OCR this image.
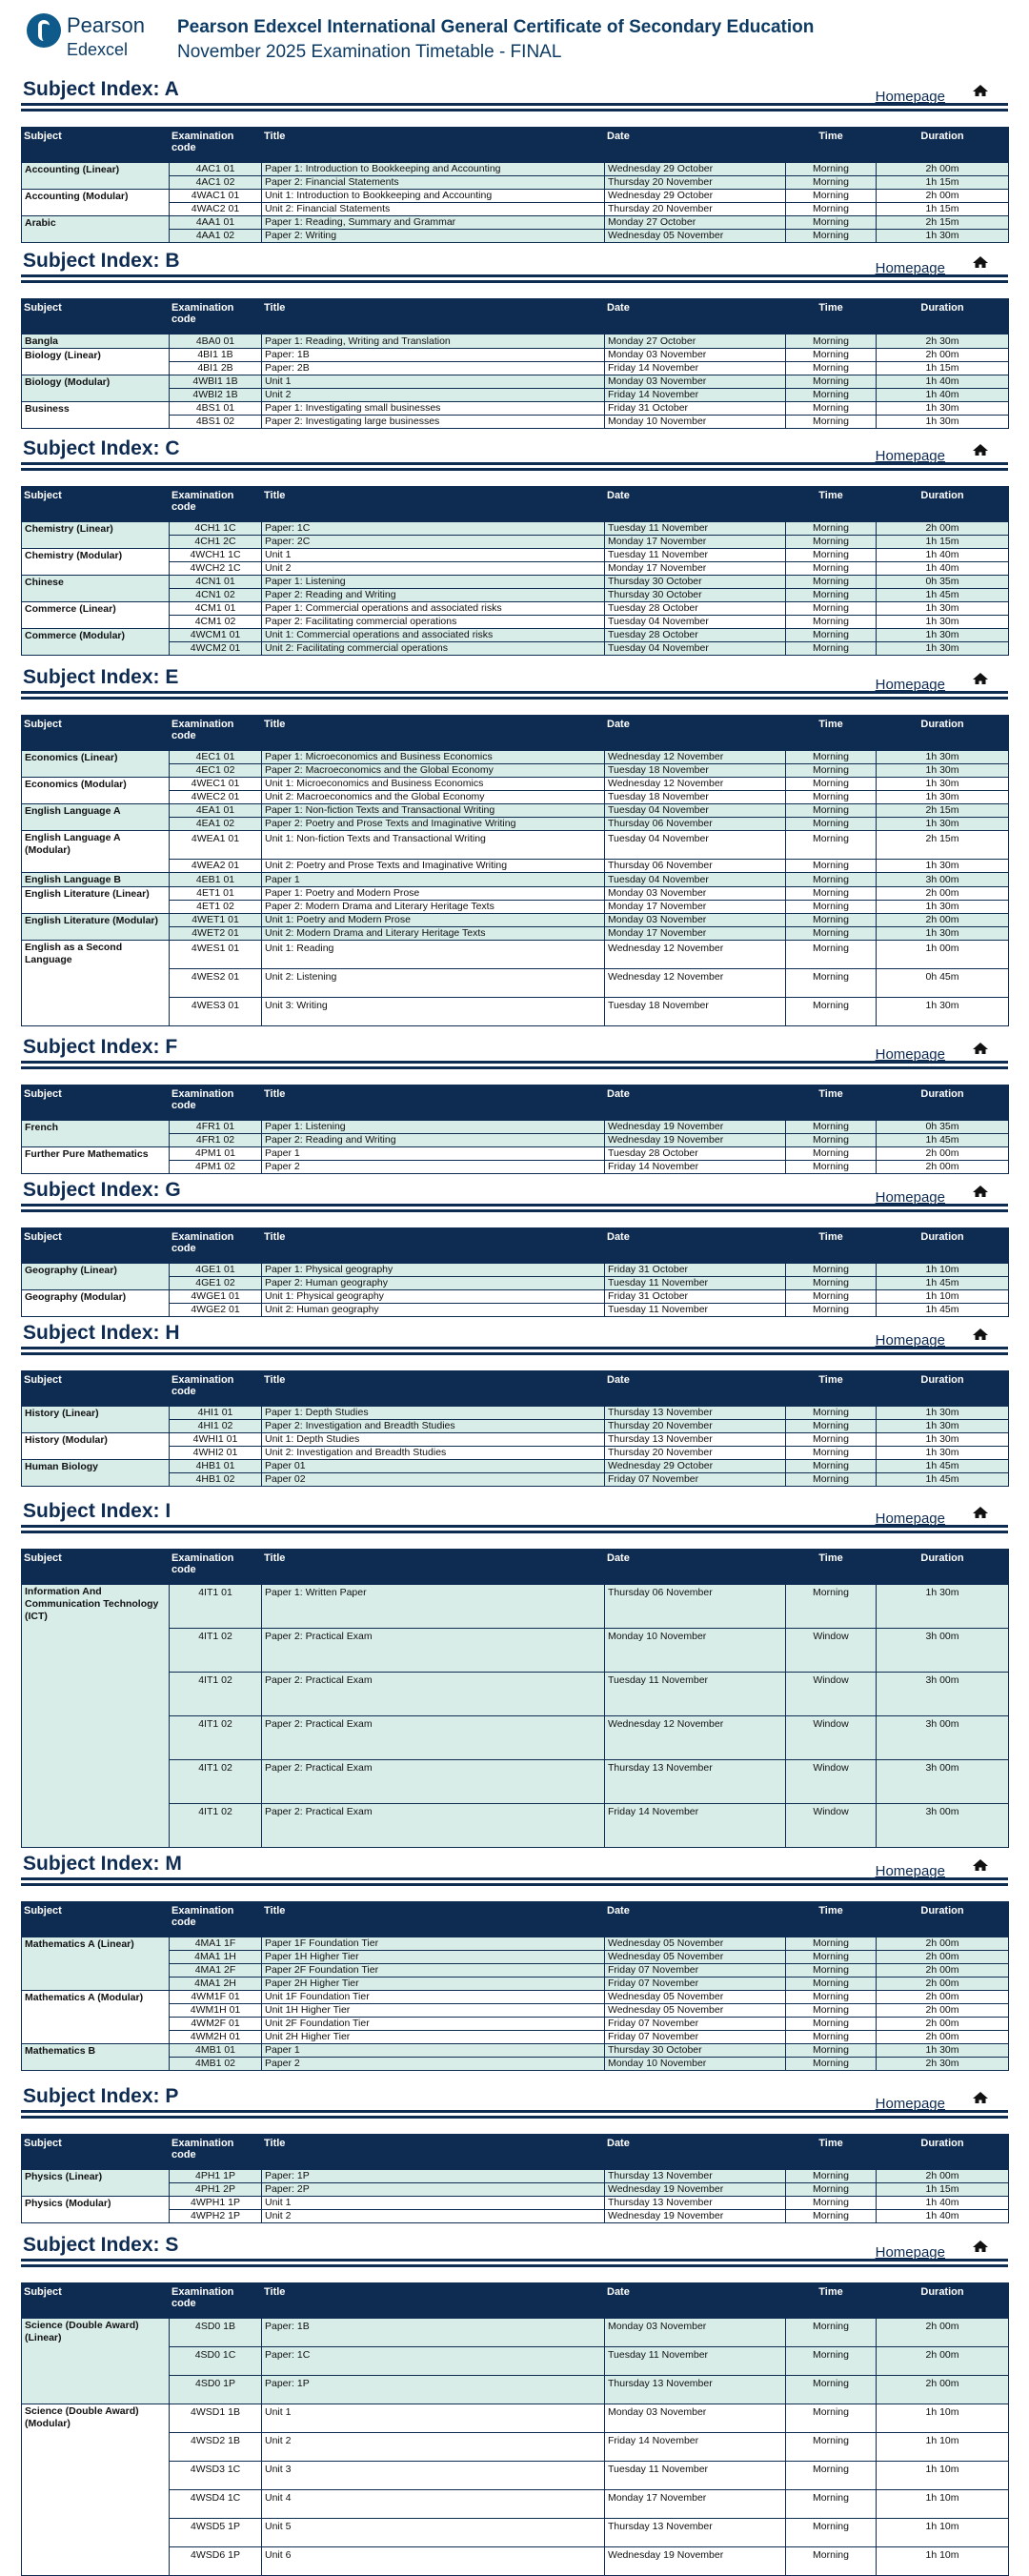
Pearson
Edexcel
Pearson Edexcel International General Certificate of Secondary Education
November 2025 Examination Timetable - FINAL
Subject Index: A	Homepage
Subject	Examination code	Title	Date	Time	Duration
Accounting (Linear)	4AC1 01	Paper 1: Introduction to Bookkeeping and Accounting	Wednesday 29 October	Morning	2h 00m
	4AC1 02	Paper 2: Financial Statements	Thursday 20 November	Morning	1h 15m
Accounting (Modular)	4WAC1 01	Unit 1: Introduction to Bookkeeping and Accounting	Wednesday 29 October	Morning	2h 00m
	4WAC2 01	Unit 2: Financial Statements	Thursday 20 November	Morning	1h 15m
Arabic	4AA1 01	Paper 1: Reading, Summary and Grammar	Monday 27 October	Morning	2h 15m
	4AA1 02	Paper 2: Writing	Wednesday 05 November	Morning	1h 30m
Subject Index: B	Homepage
Subject	Examination code	Title	Date	Time	Duration
Bangla	4BA0 01	Paper 1: Reading, Writing and Translation	Monday 27 October	Morning	2h 30m
Biology (Linear)	4BI1 1B	Paper: 1B	Monday 03 November	Morning	2h 00m
	4BI1 2B	Paper: 2B	Friday 14 November	Morning	1h 15m
Biology (Modular)	4WBI1 1B	Unit 1	Monday 03 November	Morning	1h 40m
	4WBI2 1B	Unit 2	Friday 14 November	Morning	1h 40m
Business	4BS1 01	Paper 1: Investigating small businesses	Friday 31 October	Morning	1h 30m
	4BS1 02	Paper 2: Investigating large businesses	Monday 10 November	Morning	1h 30m
Subject Index: C	Homepage
Subject	Examination code	Title	Date	Time	Duration
Chemistry (Linear)	4CH1 1C	Paper: 1C	Tuesday 11 November	Morning	2h 00m
	4CH1 2C	Paper: 2C	Monday 17 November	Morning	1h 15m
Chemistry (Modular)	4WCH1 1C	Unit 1	Tuesday 11 November	Morning	1h 40m
	4WCH2 1C	Unit 2	Monday 17 November	Morning	1h 40m
Chinese	4CN1 01	Paper 1: Listening	Thursday 30 October	Morning	0h 35m
	4CN1 02	Paper 2: Reading and Writing	Thursday 30 October	Morning	1h 45m
Commerce (Linear)	4CM1 01	Paper 1: Commercial operations and associated risks	Tuesday 28 October	Morning	1h 30m
	4CM1 02	Paper 2: Facilitating commercial operations	Tuesday 04 November	Morning	1h 30m
Commerce (Modular)	4WCM1 01	Unit 1: Commercial operations and associated risks	Tuesday 28 October	Morning	1h 30m
	4WCM2 01	Unit 2: Facilitating commercial operations	Tuesday 04 November	Morning	1h 30m
Subject Index: E	Homepage
Subject	Examination code	Title	Date	Time	Duration
Economics (Linear)	4EC1 01	Paper 1: Microeconomics and Business Economics	Wednesday 12 November	Morning	1h 30m
	4EC1 02	Paper 2: Macroeconomics and the Global Economy	Tuesday 18 November	Morning	1h 30m
Economics (Modular)	4WEC1 01	Unit 1: Microeconomics and Business Economics	Wednesday 12 November	Morning	1h 30m
	4WEC2 01	Unit 2: Macroeconomics and the Global Economy	Tuesday 18 November	Morning	1h 30m
English Language A	4EA1 01	Paper 1: Non-fiction Texts and Transactional Writing	Tuesday 04 November	Morning	2h 15m
	4EA1 02	Paper 2: Poetry and Prose Texts and Imaginative Writing	Thursday 06 November	Morning	1h 30m
English Language A (Modular)	4WEA1 01	Unit 1: Non-fiction Texts and Transactional Writing	Tuesday 04 November	Morning	2h 15m
	4WEA2 01	Unit 2: Poetry and Prose Texts and Imaginative Writing	Thursday 06 November	Morning	1h 30m
English Language B	4EB1 01	Paper 1	Tuesday 04 November	Morning	3h 00m
English Literature (Linear)	4ET1 01	Paper 1: Poetry and Modern Prose	Monday 03 November	Morning	2h 00m
	4ET1 02	Paper 2: Modern Drama and Literary Heritage Texts	Monday 17 November	Morning	1h 30m
English Literature (Modular)	4WET1 01	Unit 1: Poetry and Modern Prose	Monday 03 November	Morning	2h 00m
	4WET2 01	Unit 2: Modern Drama and Literary Heritage Texts	Monday 17 November	Morning	1h 30m
English as a Second Language	4WES1 01	Unit 1: Reading	Wednesday 12 November	Morning	1h 00m
	4WES2 01	Unit 2: Listening	Wednesday 12 November	Morning	0h 45m
	4WES3 01	Unit 3: Writing	Tuesday 18 November	Morning	1h 30m
Subject Index: F	Homepage
Subject	Examination code	Title	Date	Time	Duration
French	4FR1 01	Paper 1: Listening	Wednesday 19 November	Morning	0h 35m
	4FR1 02	Paper 2: Reading and Writing	Wednesday 19 November	Morning	1h 45m
Further Pure Mathematics	4PM1 01	Paper 1	Tuesday 28 October	Morning	2h 00m
	4PM1 02	Paper 2	Friday 14 November	Morning	2h 00m
Subject Index: G	Homepage
Subject	Examination code	Title	Date	Time	Duration
Geography (Linear)	4GE1 01	Paper 1: Physical geography	Friday 31 October	Morning	1h 10m
	4GE1 02	Paper 2: Human geography	Tuesday 11 November	Morning	1h 45m
Geography (Modular)	4WGE1 01	Unit 1: Physical geography	Friday 31 October	Morning	1h 10m
	4WGE2 01	Unit 2: Human geography	Tuesday 11 November	Morning	1h 45m
Subject Index: H	Homepage
Subject	Examination code	Title	Date	Time	Duration
History (Linear)	4HI1 01	Paper 1: Depth Studies	Thursday 13 November	Morning	1h 30m
	4HI1 02	Paper 2: Investigation and Breadth Studies	Thursday 20 November	Morning	1h 30m
History (Modular)	4WHI1 01	Unit 1: Depth Studies	Thursday 13 November	Morning	1h 30m
	4WHI2 01	Unit 2: Investigation and Breadth Studies	Thursday 20 November	Morning	1h 30m
Human Biology	4HB1 01	Paper 01	Wednesday 29 October	Morning	1h 45m
	4HB1 02	Paper 02	Friday 07 November	Morning	1h 45m
Subject Index: I	Homepage
Subject	Examination code	Title	Date	Time	Duration
Information And Communication Technology (ICT)	4IT1 01	Paper 1: Written Paper	Thursday 06 November	Morning	1h 30m
	4IT1 02	Paper 2: Practical Exam	Monday 10 November	Window	3h 00m
	4IT1 02	Paper 2: Practical Exam	Tuesday 11 November	Window	3h 00m
	4IT1 02	Paper 2: Practical Exam	Wednesday 12 November	Window	3h 00m
	4IT1 02	Paper 2: Practical Exam	Thursday 13 November	Window	3h 00m
	4IT1 02	Paper 2: Practical Exam	Friday 14 November	Window	3h 00m
Subject Index: M	Homepage
Subject	Examination code	Title	Date	Time	Duration
Mathematics A (Linear)	4MA1 1F	Paper 1F Foundation Tier	Wednesday 05 November	Morning	2h 00m
	4MA1 1H	Paper 1H Higher Tier	Wednesday 05 November	Morning	2h 00m
	4MA1 2F	Paper 2F Foundation Tier	Friday 07 November	Morning	2h 00m
	4MA1 2H	Paper 2H Higher Tier	Friday 07 November	Morning	2h 00m
Mathematics A (Modular)	4WM1F 01	Unit 1F Foundation Tier	Wednesday 05 November	Morning	2h 00m
	4WM1H 01	Unit 1H Higher Tier	Wednesday 05 November	Morning	2h 00m
	4WM2F 01	Unit 2F Foundation Tier	Friday 07 November	Morning	2h 00m
	4WM2H 01	Unit 2H Higher Tier	Friday 07 November	Morning	2h 00m
Mathematics B	4MB1 01	Paper 1	Thursday 30 October	Morning	1h 30m
	4MB1 02	Paper 2	Monday 10 November	Morning	2h 30m
Subject Index: P	Homepage
Subject	Examination code	Title	Date	Time	Duration
Physics (Linear)	4PH1 1P	Paper: 1P	Thursday 13 November	Morning	2h 00m
	4PH1 2P	Paper: 2P	Wednesday 19 November	Morning	1h 15m
Physics (Modular)	4WPH1 1P	Unit 1	Thursday 13 November	Morning	1h 40m
	4WPH2 1P	Unit 2	Wednesday 19 November	Morning	1h 40m
Subject Index: S	Homepage
Subject	Examination code	Title	Date	Time	Duration
Science (Double Award) (Linear)	4SD0 1B	Paper: 1B	Monday 03 November	Morning	2h 00m
	4SD0 1C	Paper: 1C	Tuesday 11 November	Morning	2h 00m
	4SD0 1P	Paper: 1P	Thursday 13 November	Morning	2h 00m
Science (Double Award) (Modular)	4WSD1 1B	Unit 1	Monday 03 November	Morning	1h 10m
	4WSD2 1B	Unit 2	Friday 14 November	Morning	1h 10m
	4WSD3 1C	Unit 3	Tuesday 11 November	Morning	1h 10m
	4WSD4 1C	Unit 4	Monday 17 November	Morning	1h 10m
	4WSD5 1P	Unit 5	Thursday 13 November	Morning	1h 10m
	4WSD6 1P	Unit 6	Wednesday 19 November	Morning	1h 10m
